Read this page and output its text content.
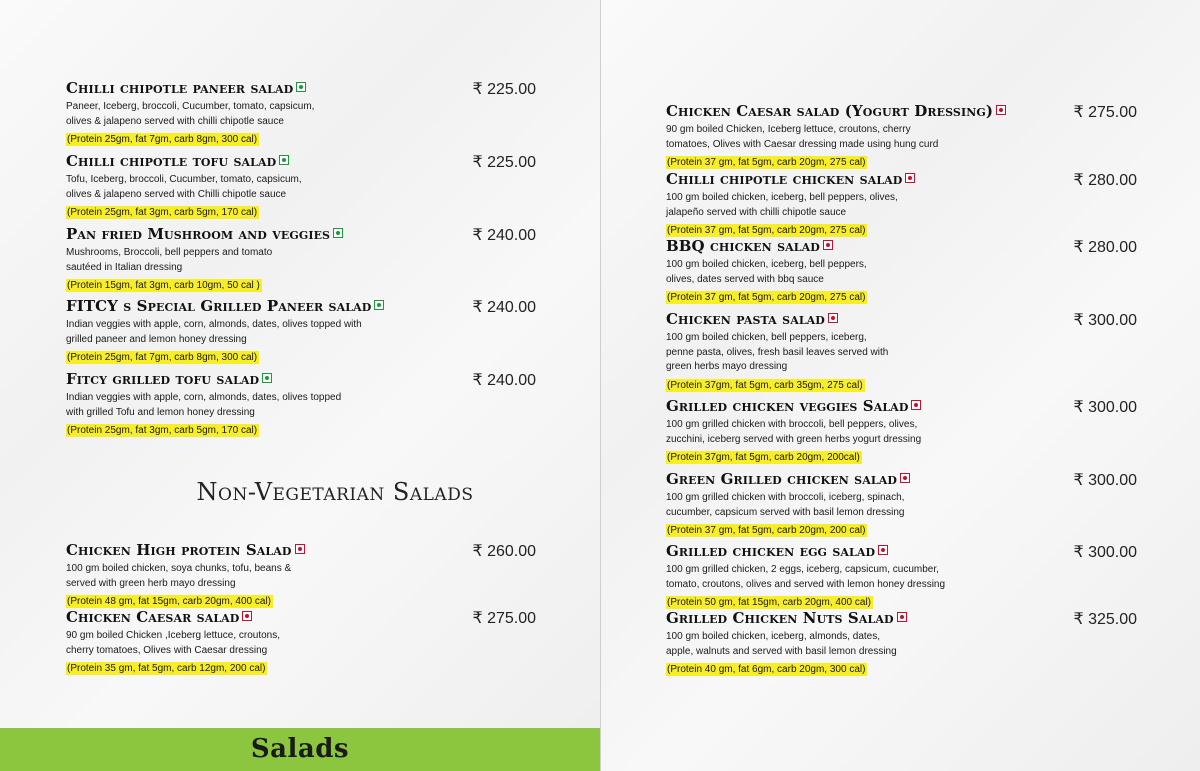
Chilli chipotle paneer salad	₹ 225.00
Paneer, Iceberg, broccoli, Cucumber, tomato, capsicum,
olives & jalapeno served with chilli chipotle sauce
(Protein 25gm, fat 7gm, carb 8gm, 300 cal)
Chilli chipotle tofu salad	₹ 225.00
Tofu, Iceberg, broccoli, Cucumber, tomato, capsicum,
olives & jalapeno served with Chilli chipotle sauce
(Protein 25gm, fat 3gm, carb 5gm, 170 cal)
Pan fried Mushroom and veggies	₹ 240.00
Mushrooms, Broccoli, bell peppers and tomato
sautéed in Italian dressing
(Protein 15gm, fat 3gm, carb 10gm, 50 cal )
FITCY s Special Grilled Paneer salad	₹ 240.00
Indian veggies with apple, corn, almonds, dates, olives topped with
grilled paneer and lemon honey dressing
(Protein 25gm, fat 7gm, carb 8gm, 300 cal)
Fitcy grilled tofu salad	₹ 240.00
Indian veggies with apple, corn, almonds, dates, olives topped
with grilled Tofu and lemon honey dressing
(Protein 25gm, fat 3gm, carb 5gm, 170 cal)
Non-Vegetarian Salads
Chicken High protein Salad	₹ 260.00
100 gm boiled chicken, soya chunks, tofu, beans &
served with green herb mayo dressing
(Protein 48 gm, fat 15gm, carb 20gm, 400 cal)
Chicken Caesar salad	₹ 275.00
90 gm boiled Chicken ,Iceberg lettuce, croutons,
cherry tomatoes, Olives with Caesar dressing
(Protein 35 gm, fat 5gm, carb 12gm, 200 cal)
Salads
Chicken Caesar salad (Yogurt Dressing)	₹ 275.00
90 gm boiled Chicken, Iceberg lettuce, croutons, cherry
tomatoes, Olives with Caesar dressing made using hung curd
(Protein 37 gm, fat 5gm, carb 20gm, 275 cal)
Chilli chipotle chicken salad	₹ 280.00
100 gm boiled chicken, iceberg, bell peppers, olives,
jalapeño served with chilli chipotle sauce
(Protein 37 gm, fat 5gm, carb 20gm, 275 cal)
BBQ chicken salad	₹ 280.00
100 gm boiled chicken, iceberg, bell peppers,
olives, dates served with bbq sauce
(Protein 37 gm, fat 5gm, carb 20gm, 275 cal)
Chicken pasta salad	₹ 300.00
100 gm boiled chicken, bell peppers, iceberg,
penne pasta, olives, fresh basil leaves served with
green herbs mayo dressing
(Protein 37gm, fat 5gm, carb 35gm, 275 cal)
Grilled chicken veggies Salad	₹ 300.00
100 gm grilled chicken with broccoli, bell peppers, olives,
zucchini, iceberg served with green herbs yogurt dressing
(Protein 37gm, fat 5gm, carb 20gm, 200cal)
Green Grilled chicken salad	₹ 300.00
100 gm grilled chicken with broccoli, iceberg, spinach,
cucumber, capsicum served with basil lemon dressing
(Protein 37 gm, fat 5gm, carb 20gm, 200 cal)
Grilled chicken egg salad	₹ 300.00
100 gm grilled chicken, 2 eggs, iceberg, capsicum, cucumber,
tomato, croutons, olives and served with lemon honey dressing
(Protein 50 gm, fat 15gm, carb 20gm, 400 cal)
Grilled Chicken Nuts Salad	₹ 325.00
100 gm boiled chicken, iceberg, almonds, dates,
apple, walnuts and served with basil lemon dressing
(Protein 40 gm, fat 6gm, carb 20gm, 300 cal)
